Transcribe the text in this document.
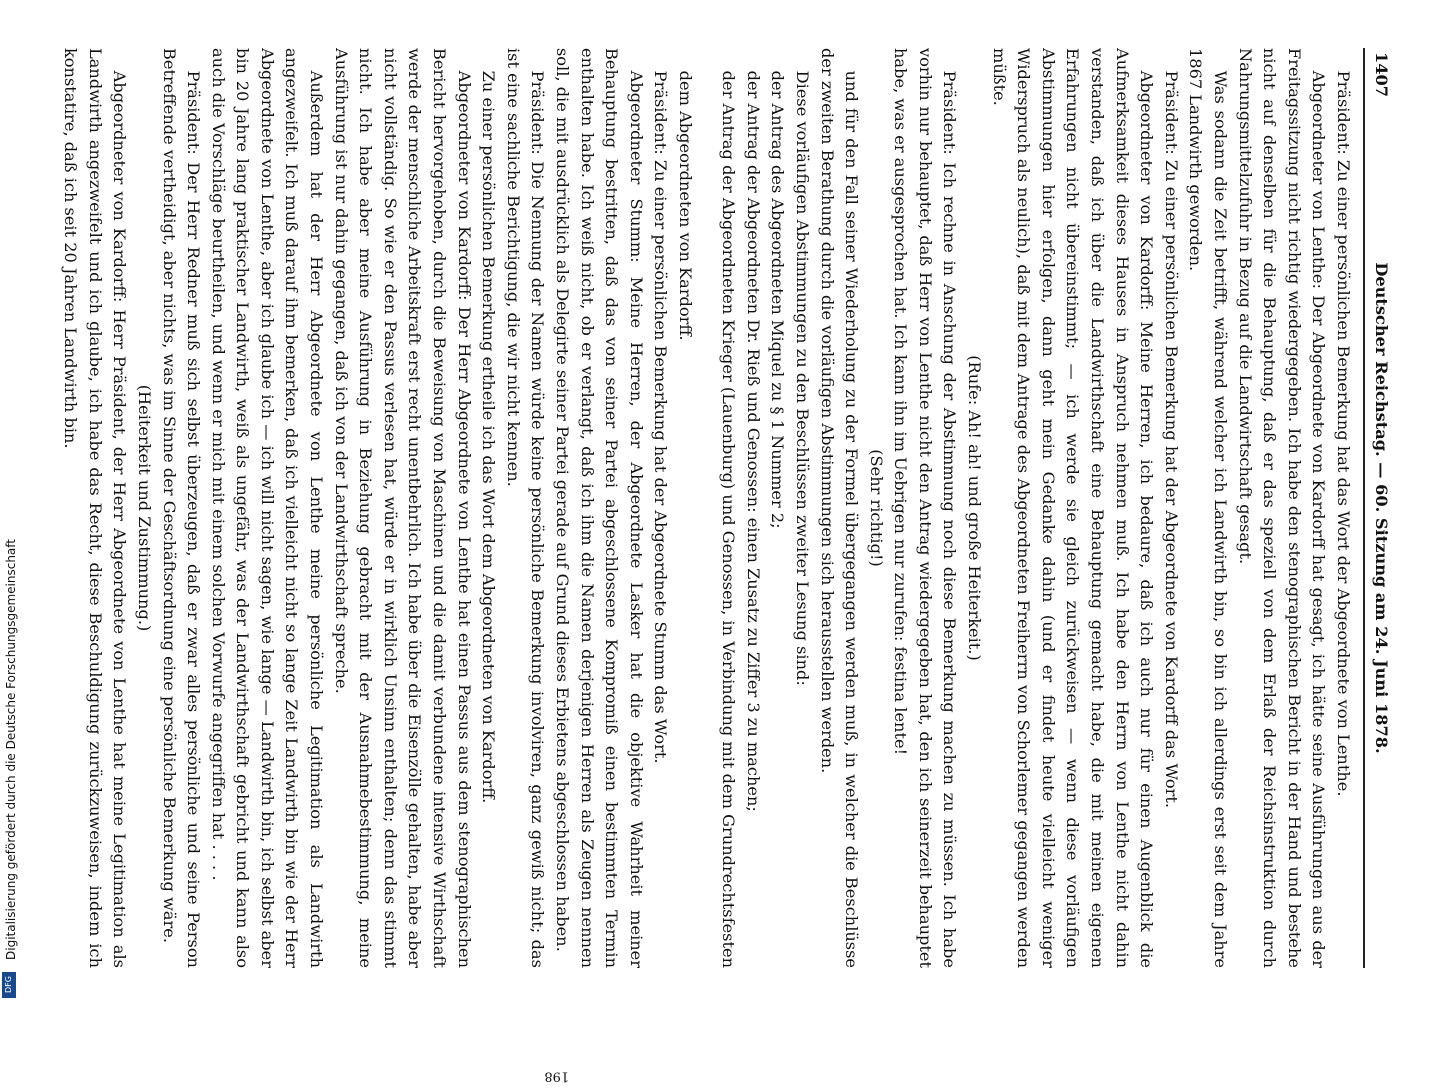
1407
Deutscher Reichstag. — 60. Sitzung am 24. Juni 1878.

Präsident: Zu einer persönlichen Bemerkung hat das Wort der Abgeordnete von Lenthe.

Abgeordneter von Lenthe: Der Abgeordnete von Kardorff hat gesagt, ich hätte seine Ausführungen aus der Freitagssitzung nicht richtig wiedergegeben. Ich habe den stenographischen Bericht in der Hand und bestehe nicht auf denselben für die Behauptung, daß er das speziell von dem Erlaß der Reichsinstruktion durch Nahrungsmittelzufuhr in Bezug auf die Landwirtschaft gesagt.

Was sodann die Zeit betrifft, während welcher ich Landwirth bin, so bin ich allerdings erst seit dem Jahre 1867 Landwirth geworden.

Präsident: Zu einer persönlichen Bemerkung hat der Abgeordnete von Kardorff das Wort.

Abgeordneter von Kardorff: Meine Herren, ich bedaure, daß ich auch nur für einen Augenblick die Aufmerksamkeit dieses Hauses in Anspruch nehmen muß. Ich habe den Herrn von Lenthe nicht dahin verstanden, daß ich über die Landwirthschaft eine Behauptung gemacht habe, die mit meinen eigenen Erfahrungen nicht übereinstimmt; — ich werde sie gleich zurückweisen — wenn diese vorläufigen Abstimmungen hier erfolgen, dann geht mein Gedanke dahin (und er findet heute vielleicht weniger Widerspruch als neulich), daß mit dem Antrage des Abgeordneten Freiherrn von Schorlemer gegangen werden müßte.

(Rufe: Ah! ah! und große Heiterkeit.)

Präsident: Ich rechne in Anschung der Abstimmung noch diese Bemerkung machen zu müssen. Ich habe vorhin nur behauptet, daß Herr von Lenthe nicht den Antrag wiedergegeben hat, den ich seinerzeit behauptet habe, was er ausgesprochen hat. Ich kann ihn im Uebrigen nur zurufen: festina lente!

(Sehr richtig!)

und für den Fall seiner Wiederholung zu der Formel übergegangen werden muß, in welcher die Beschlüsse der zweiten Berathung durch die vorläufigen Abstimmungen sich herausstellen werden.

Diese vorläufigen Abstimmungen zu den Beschlüssen zweiter Lesung sind:

der Antrag des Abgeordneten Miquel zu § 1 Nummer 2;

der Antrag der Abgeordneten Dr. Rieß und Genossen: einen Zusatz zu Ziffer 3 zu machen;

der Antrag der Abgeordneten Krieger (Lauenburg) und Genossen, in Verbindung mit dem Grundrechtsfesten

dem Abgeordneten von Kardorff.

Präsident: Zu einer persönlichen Bemerkung hat der Abgeordnete Stumm das Wort.

Abgeordneter Stumm: Meine Herren, der Abgeordnete Lasker hat die objektive Wahrheit meiner Behauptung bestritten, daß das von seiner Partei abgeschlossene Kompromiß einen bestimmten Termin enthalten habe. Ich weiß nicht, ob er verlangt, daß ich ihm die Namen derjenigen Herren als Zeugen nennen soll, die mit ausdrücklich als Delegirte seiner Partei gerade auf Grund dieses Erbietens abgeschlossen haben.

Präsident: Die Nennung der Namen würde keine persönliche Bemerkung involviren, ganz gewiß nicht; das ist eine sachliche Berichtigung, die wir nicht kennen.

Zu einer persönlichen Bemerkung ertheile ich das Wort dem Abgeordneten von Kardorff.

Abgeordneter von Kardorff: Der Herr Abgeordnete von Lenthe hat einen Passus aus dem stenographischen Bericht hervorgehoben, durch die Beweisung von Maschinen und die damit verbundene intensive Wirthschaft werde der menschliche Arbeitskraft erst recht unentbehrlich. Ich habe über die Eisenzölle gehalten, habe aber nicht vollständig. So wie er den Passus verlesen hat, würde er in wirklich Unsinn enthalten; denn das stimmt nicht. Ich habe aber meine Ausführung in Beziehung gebracht mit der Ausnahmebestimmung, meine Ausführung ist nur dahin gegangen, daß ich von der Landwirthschaft spreche.

Außerdem hat der Herr Abgeordnete von Lenthe meine persönliche Legitimation als Landwirth angezweifelt. Ich muß darauf ihm bemerken, daß ich vielleicht nicht so lange Zeit Landwirth bin wie der Herr Abgeordnete von Lenthe, aber ich glaube ich — ich will nicht sagen, wie lange — Landwirth bin, ich selbst aber bin 20 Jahre lang praktischer Landwirth, weiß als ungefähr, was der Landwirthschaft gebricht und kann also auch die Vorschläge beurtheilen, und wenn er mich mit einem solchen Vorwurfe angegriffen hat . . . .

Präsident: Der Herr Redner muß sich selbst überzeugen, daß er zwar alles persönliche und seine Person Betreffende vertheidigt, aber nichts, was im Sinne der Geschäftsordnung eine persönliche Bemerkung wäre.

(Heiterkeit und Zustimmung.)

Abgeordneter von Kardorff: Herr Präsident, der Herr Abgeordnete von Lenthe hat meine Legitimation als Landwirth angezweifelt und ich glaube, ich habe das Recht, diese Beschuldigung zurückzuweisen, indem ich konstatire, daß ich seit 20 Jahren Landwirth bin.

198
Digitalisierung gefördert durch die Deutsche Forschungsgemeinschaft
DFG
